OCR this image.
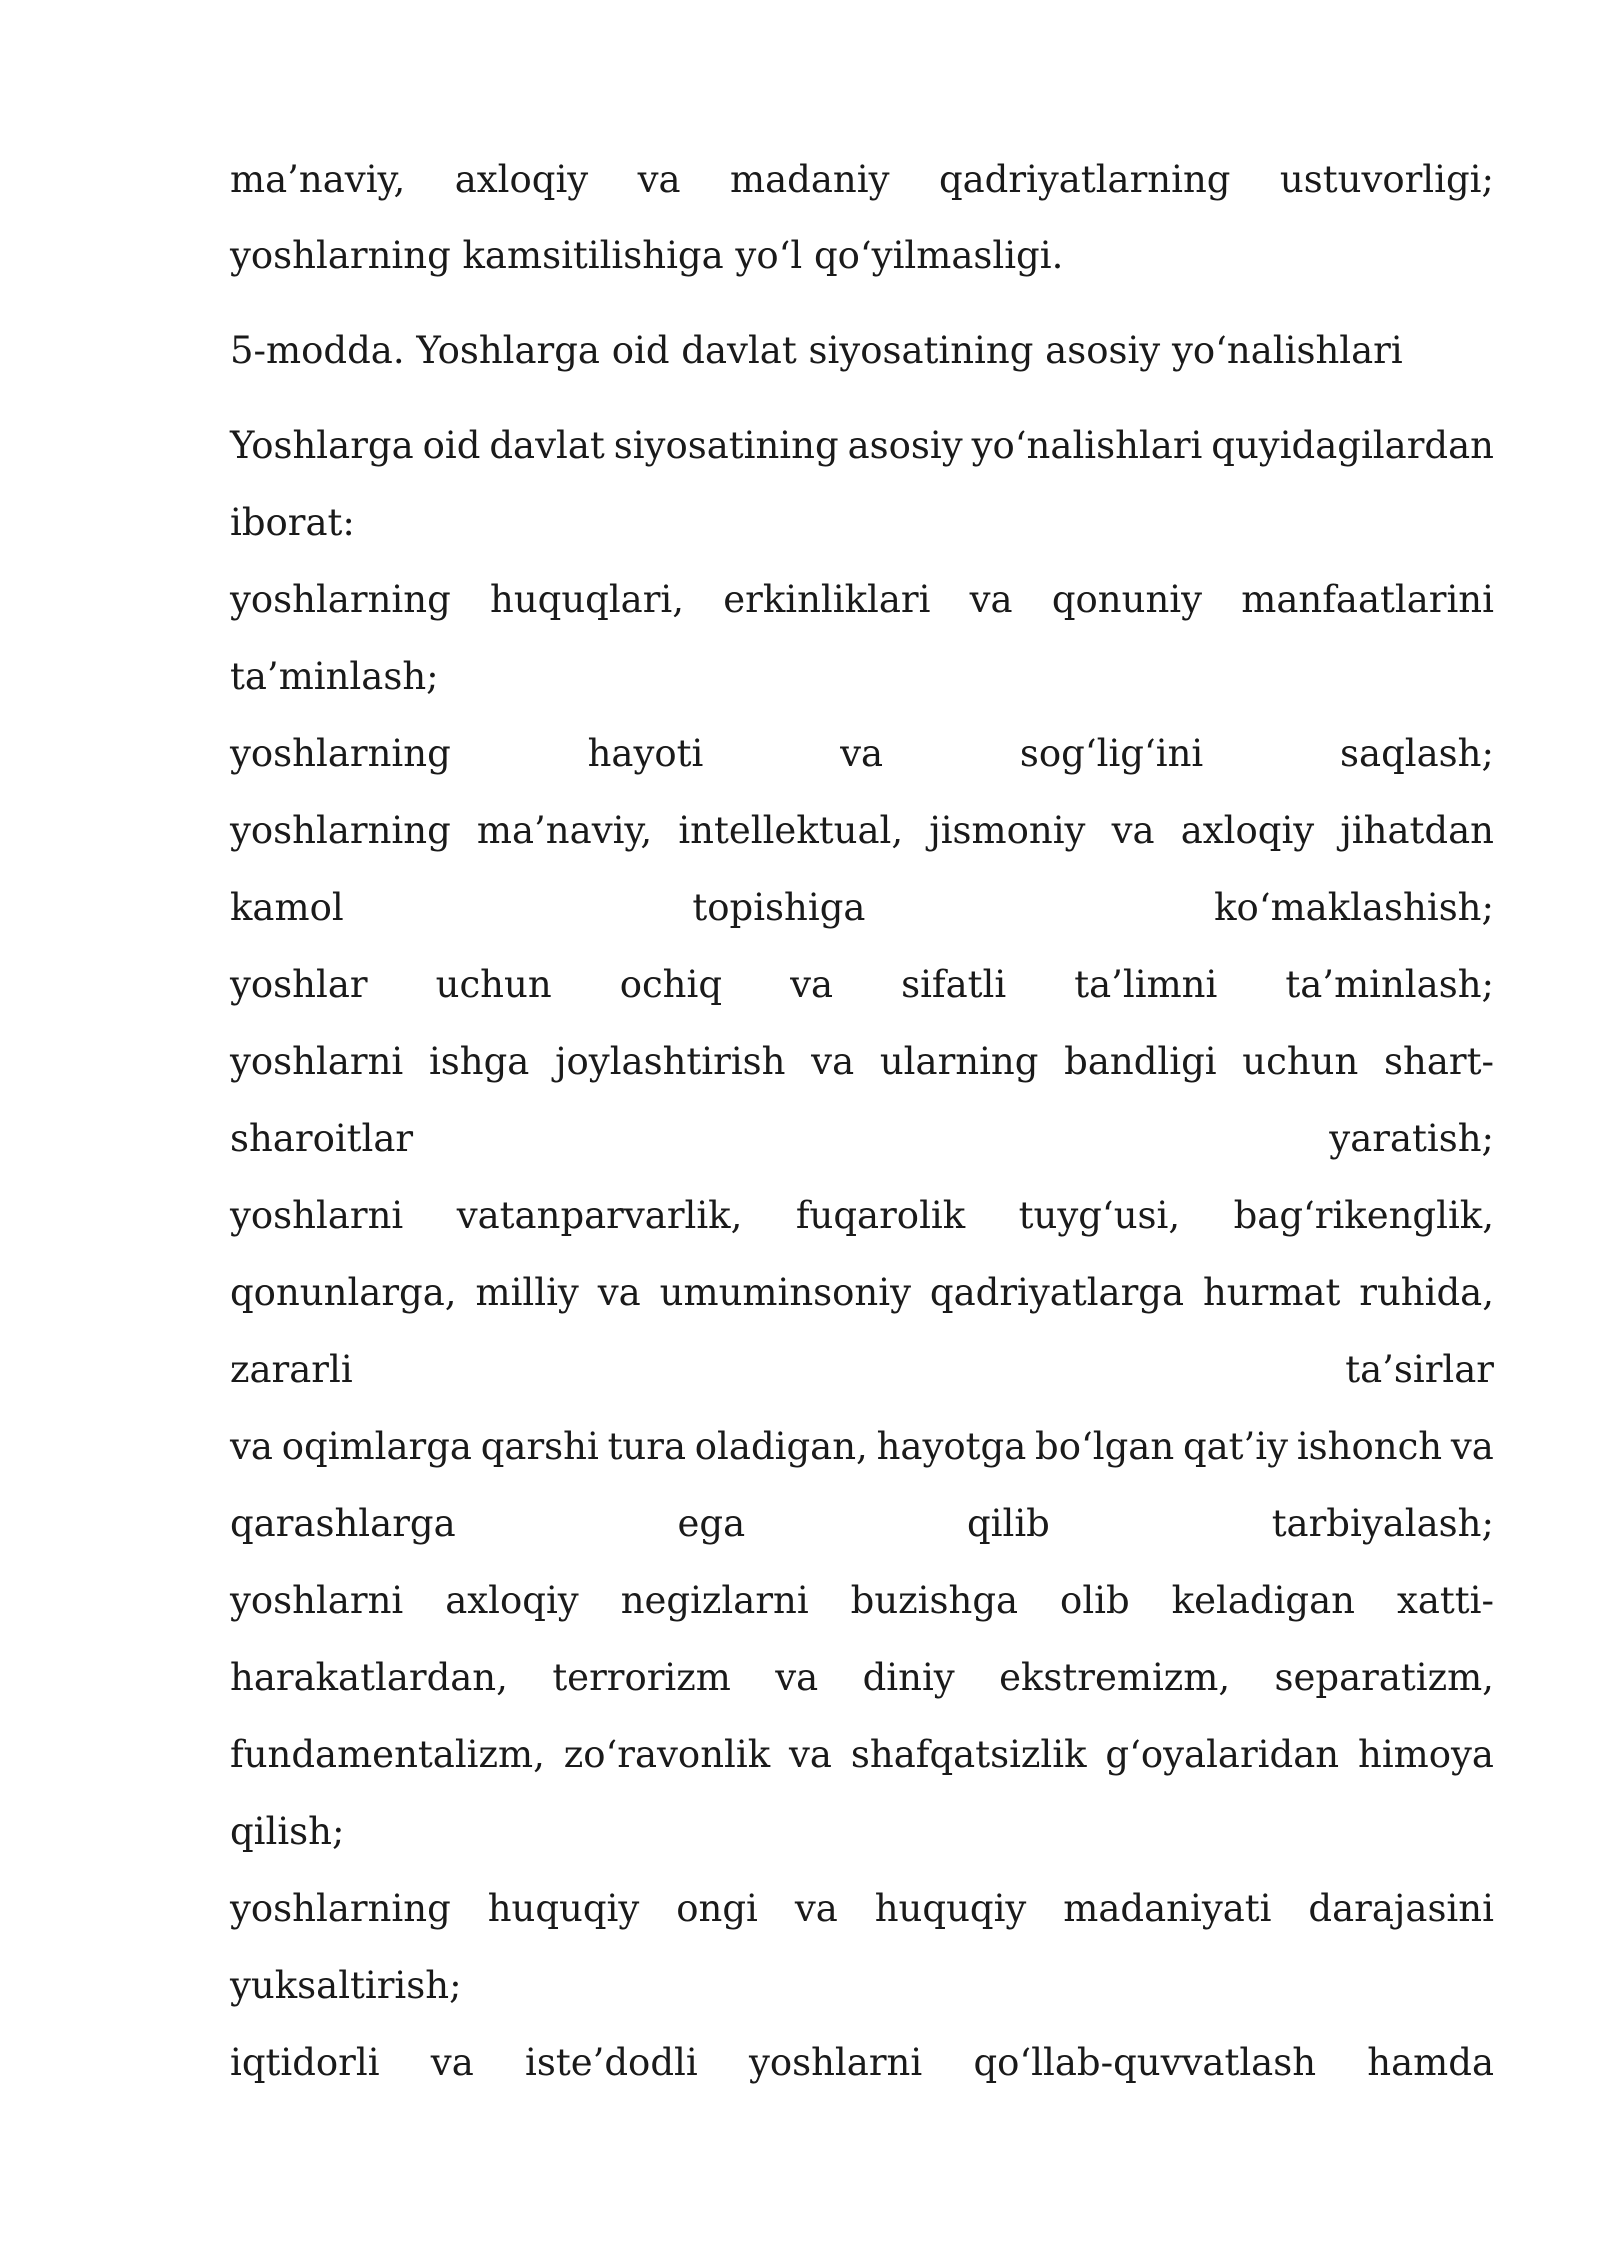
ma’naviy, axloqiy va madaniy qadriyatlarning ustuvorligi;
yoshlarning kamsitilishiga yo‘l qo‘yilmasligi.
5-modda. Yoshlarga oid davlat siyosatining asosiy yo‘nalishlari
Yoshlarga oid davlat siyosatining asosiy yo‘nalishlari quyidagilardan
iborat:
yoshlarning huquqlari, erkinliklari va qonuniy manfaatlarini
ta’minlash;
yoshlarning	hayoti	va	sog‘lig‘ini	saqlash;
yoshlarning ma’naviy, intellektual, jismoniy va axloqiy jihatdan
kamol	topishiga	ko‘maklashish;
yoshlar uchun ochiq va sifatli ta’limni ta’minlash;
yoshlarni ishga joylashtirish va ularning bandligi uchun shart-
sharoitlar	yaratish;
yoshlarni vatanparvarlik, fuqarolik tuyg‘usi, bag‘rikenglik,
qonunlarga, milliy va umuminsoniy qadriyatlarga hurmat ruhida,
zararli	ta’sirlar
va oqimlarga qarshi tura oladigan, hayotga bo‘lgan qat’iy ishonch va
qarashlarga	ega	qilib	tarbiyalash;
yoshlarni axloqiy negizlarni buzishga olib keladigan xatti-
harakatlardan, terrorizm va diniy ekstremizm, separatizm,
fundamentalizm, zo‘ravonlik va shafqatsizlik g‘oyalaridan himoya
qilish;
yoshlarning huquqiy ongi va huquqiy madaniyati darajasini
yuksaltirish;
iqtidorli va iste’dodli yoshlarni qo‘llab-quvvatlash hamda
